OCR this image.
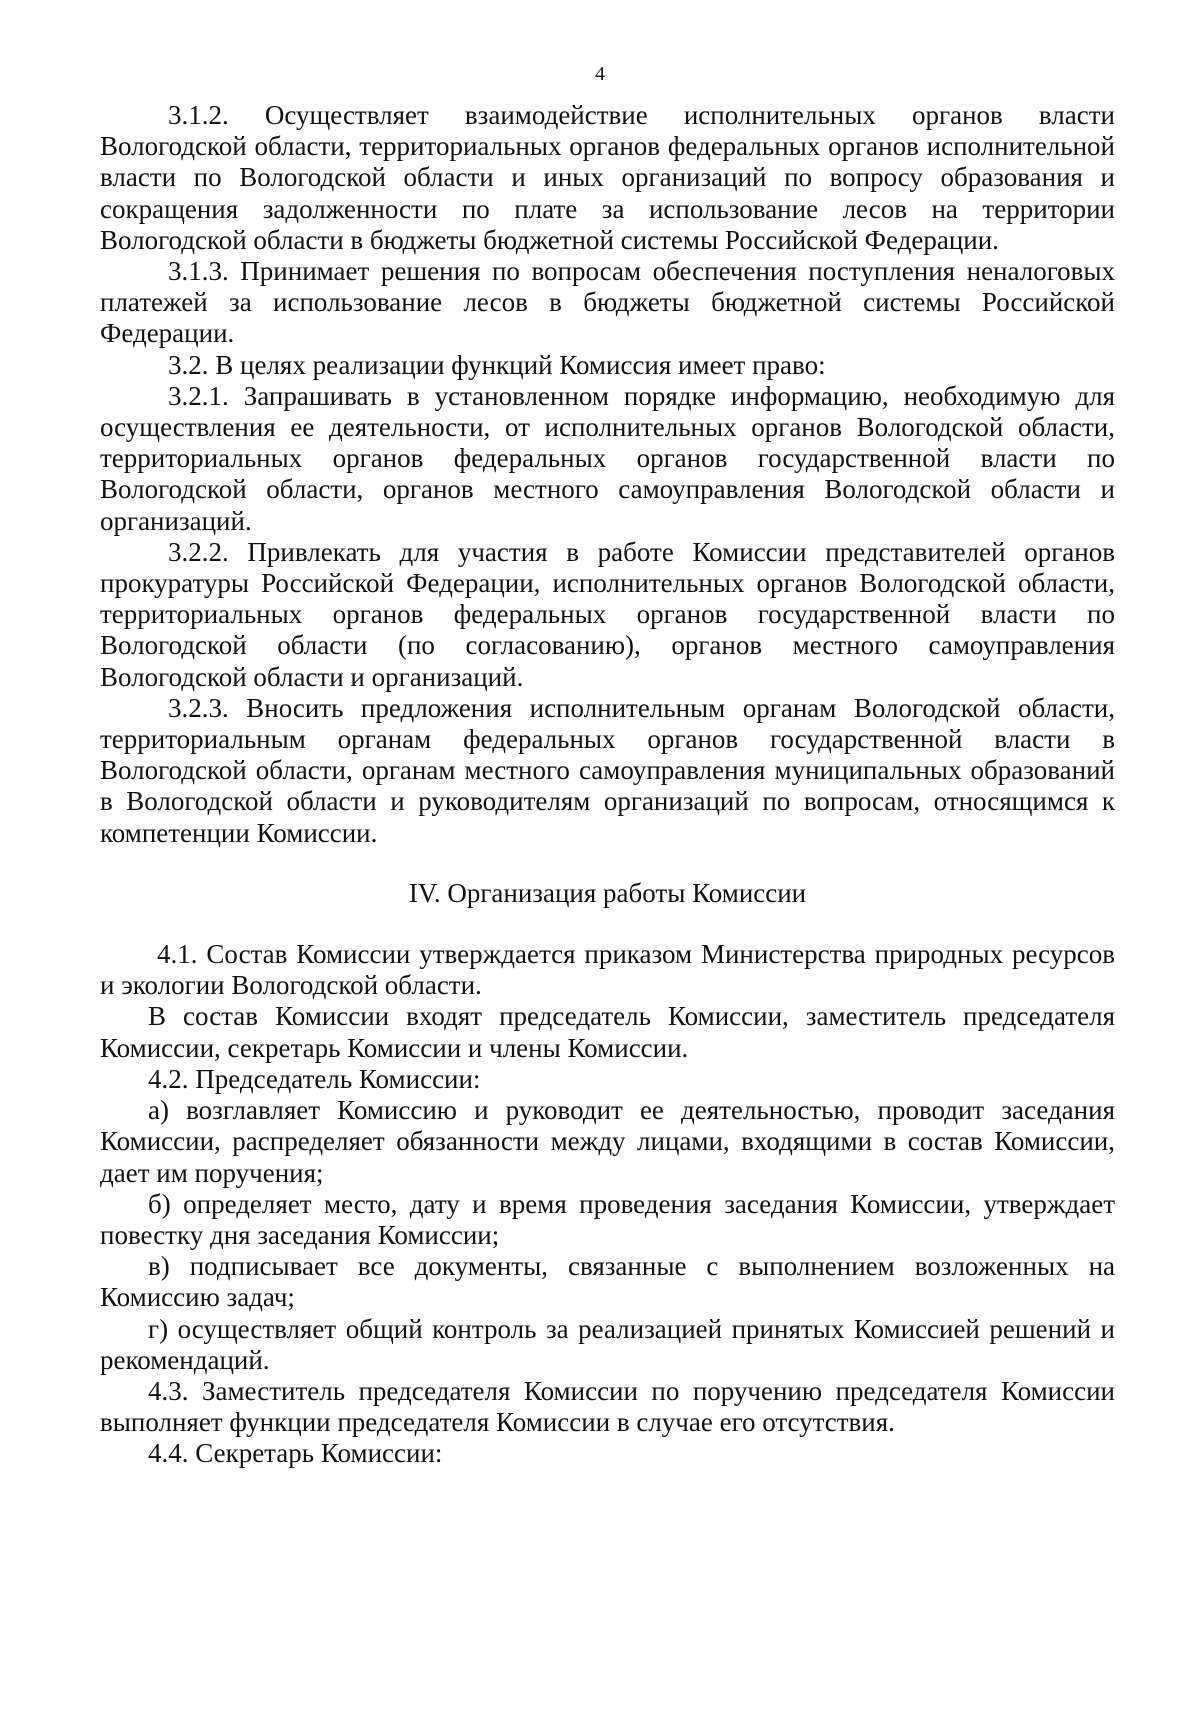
4

3.1.2. Осуществляет взаимодействие исполнительных органов власти Вологодской области, территориальных органов федеральных органов исполнительной власти по Вологодской области и иных организаций по вопросу образования и сокращения задолженности по плате за использование лесов на территории Вологодской области в бюджеты бюджетной системы Российской Федерации.

3.1.3. Принимает решения по вопросам обеспечения поступления неналоговых платежей за использование лесов в бюджеты бюджетной системы Российской Федерации.

3.2. В целях реализации функций Комиссия имеет право:

3.2.1. Запрашивать в установленном порядке информацию, необходимую для осуществления ее деятельности, от исполнительных органов Вологодской области, территориальных органов федеральных органов государственной власти по Вологодской области, органов местного самоуправления Вологодской области и организаций.

3.2.2. Привлекать для участия в работе Комиссии представителей органов прокуратуры Российской Федерации, исполнительных органов Вологодской области, территориальных органов федеральных органов государственной власти по Вологодской области (по согласованию), органов местного самоуправления Вологодской области и организаций.

3.2.3. Вносить предложения исполнительным органам Вологодской области, территориальным органам федеральных органов государственной власти в Вологодской области, органам местного самоуправления муниципальных образований в Вологодской области и руководителям организаций по вопросам, относящимся к компетенции Комиссии.

IV. Организация работы Комиссии

4.1. Состав Комиссии утверждается приказом Министерства природных ресурсов и экологии Вологодской области.

В состав Комиссии входят председатель Комиссии, заместитель председателя Комиссии, секретарь Комиссии и члены Комиссии.

4.2. Председатель Комиссии:

а) возглавляет Комиссию и руководит ее деятельностью, проводит заседания Комиссии, распределяет обязанности между лицами, входящими в состав Комиссии, дает им поручения;

б) определяет место, дату и время проведения заседания Комиссии, утверждает повестку дня заседания Комиссии;

в) подписывает все документы, связанные с выполнением возложенных на Комиссию задач;

г) осуществляет общий контроль за реализацией принятых Комиссией решений и рекомендаций.

4.3. Заместитель председателя Комиссии по поручению председателя Комиссии выполняет функции председателя Комиссии в случае его отсутствия.

4.4. Секретарь Комиссии:
